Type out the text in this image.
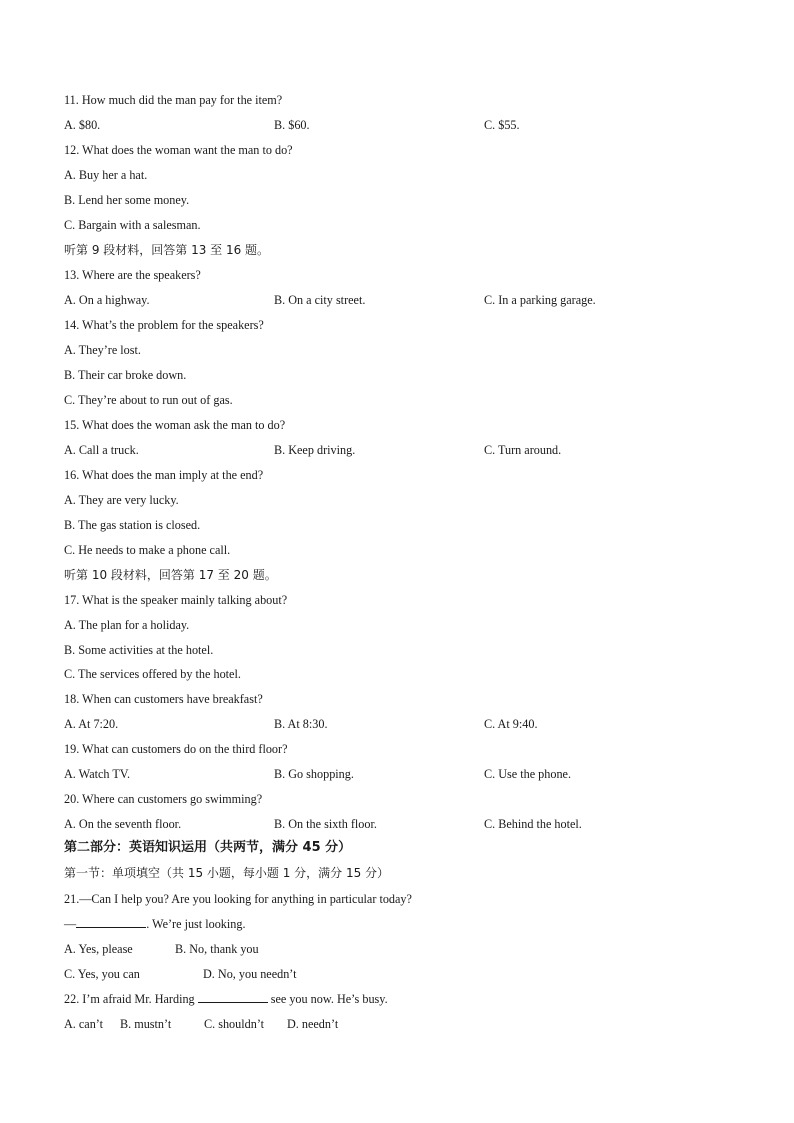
11. How much did the man pay for the item?
A. $80.	B. $60.	C. $55.
12. What does the woman want the man to do?
A. Buy her a hat.
B. Lend her some money.
C. Bargain with a salesman.
听第 9 段材料，回答第 13 至 16 题。
13. Where are the speakers?
A. On a highway.	B. On a city street.	C. In a parking garage.
14. What’s the problem for the speakers?
A. They’re lost.
B. Their car broke down.
C. They’re about to run out of gas.
15. What does the woman ask the man to do?
A. Call a truck.	B. Keep driving.	C. Turn around.
16. What does the man imply at the end?
A. They are very lucky.
B. The gas station is closed.
C. He needs to make a phone call.
听第 10 段材料，回答第 17 至 20 题。
17. What is the speaker mainly talking about?
A. The plan for a holiday.
B. Some activities at the hotel.
C. The services offered by the hotel.
18. When can customers have breakfast?
A. At 7:20.	B. At 8:30.	C. At 9:40.
19. What can customers do on the third floor?
A. Watch TV.	B. Go shopping.	C. Use the phone.
20. Where can customers go swimming?
A. On the seventh floor.	B. On the sixth floor.	C. Behind the hotel.
第二部分：英语知识运用（共两节，满分 45 分）
第一节：单项填空（共 15 小题，每小题 1 分，满分 15 分）
21.—Can I help you? Are you looking for anything in particular today?
—	. We’re just looking.
A. Yes, please	B. No, thank you
C. Yes, you can	D. No, you needn’t
22. I’m afraid Mr. Harding	see you now. He’s busy.
A. can’t B. mustn’t	C. shouldn’t D. needn’t
